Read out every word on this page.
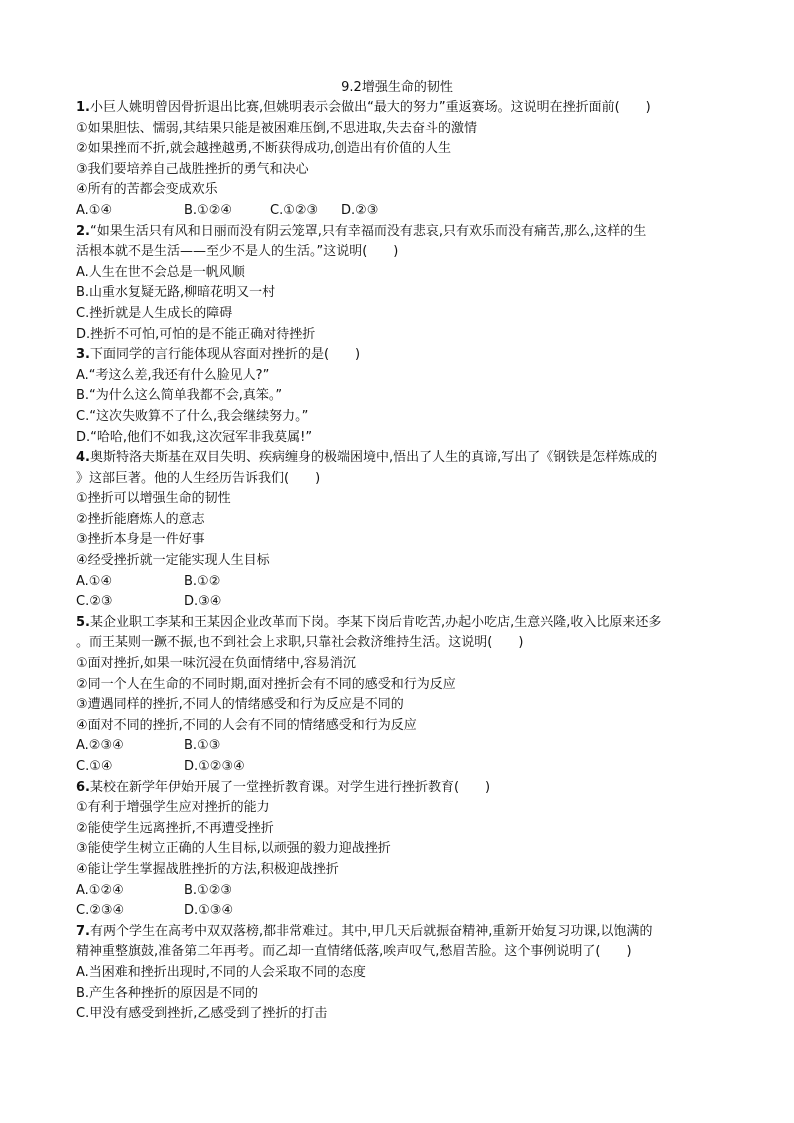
9.2增强生命的韧性
1.小巨人姚明曾因骨折退出比赛,但姚明表示会做出“最大的努力”重返赛场。这说明在挫折面前(　　)
①如果胆怯、懦弱,其结果只能是被困难压倒,不思进取,失去奋斗的激情
②如果挫而不折,就会越挫越勇,不断获得成功,创造出有价值的人生
③我们要培养自己战胜挫折的勇气和决心
④所有的苦都会变成欢乐
A.①④	B.①②④	C.①②③ D.②③
2.“如果生活只有风和日丽而没有阴云笼罩,只有幸福而没有悲哀,只有欢乐而没有痛苦,那么,这样的生
活根本就不是生活——至少不是人的生活。”这说明(　　)
A.人生在世不会总是一帆风顺
B.山重水复疑无路,柳暗花明又一村
C.挫折就是人生成长的障碍
D.挫折不可怕,可怕的是不能正确对待挫折
3.下面同学的言行能体现从容面对挫折的是(　　)
A.“考这么差,我还有什么脸见人?”
B.“为什么这么简单我都不会,真笨。”
C.“这次失败算不了什么,我会继续努力。”
D.“哈哈,他们不如我,这次冠军非我莫属!”
4.奥斯特洛夫斯基在双目失明、疾病缠身的极端困境中,悟出了人生的真谛,写出了《钢铁是怎样炼成的
》这部巨著。他的人生经历告诉我们(　　)
①挫折可以增强生命的韧性
②挫折能磨炼人的意志
③挫折本身是一件好事
④经受挫折就一定能实现人生目标
A.①④	B.①②
C.②③	D.③④
5.某企业职工李某和王某因企业改革而下岗。李某下岗后肯吃苦,办起小吃店,生意兴隆,收入比原来还多
。而王某则一蹶不振,也不到社会上求职,只靠社会救济维持生活。这说明(　　)
①面对挫折,如果一味沉浸在负面情绪中,容易消沉
②同一个人在生命的不同时期,面对挫折会有不同的感受和行为反应
③遭遇同样的挫折,不同人的情绪感受和行为反应是不同的
④面对不同的挫折,不同的人会有不同的情绪感受和行为反应
A.②③④	B.①③
C.①④	D.①②③④
6.某校在新学年伊始开展了一堂挫折教育课。对学生进行挫折教育(　　)
①有利于增强学生应对挫折的能力
②能使学生远离挫折,不再遭受挫折
③能使学生树立正确的人生目标,以顽强的毅力迎战挫折
④能让学生掌握战胜挫折的方法,积极迎战挫折
A.①②④	B.①②③
C.②③④	D.①③④
7.有两个学生在高考中双双落榜,都非常难过。其中,甲几天后就振奋精神,重新开始复习功课,以饱满的
精神重整旗鼓,准备第二年再考。而乙却一直情绪低落,唉声叹气,愁眉苦脸。这个事例说明了(　　)
A.当困难和挫折出现时,不同的人会采取不同的态度
B.产生各种挫折的原因是不同的
C.甲没有感受到挫折,乙感受到了挫折的打击
